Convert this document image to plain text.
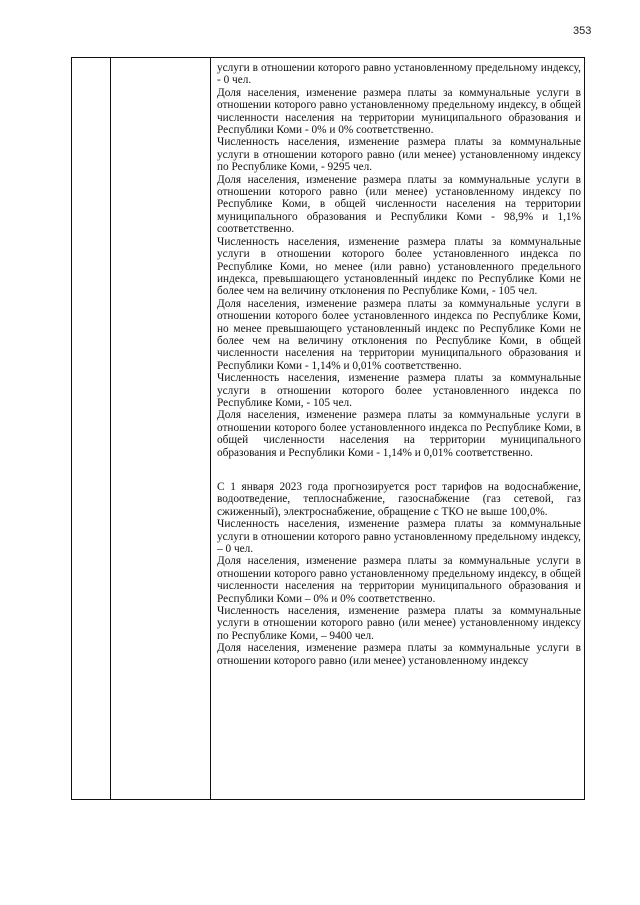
353

услуги в отношении которого равно установленному предельному индексу, - 0 чел.

Доля населения, изменение размера платы за коммунальные услуги в отношении которого равно установленному предельному индексу, в общей численности населения на территории муниципального образования и Республики Коми - 0% и 0% соответственно.

Численность населения, изменение размера платы за коммунальные услуги в отношении которого равно (или менее) установленному индексу по Республике Коми, - 9295 чел.

Доля населения, изменение размера платы за коммунальные услуги в отношении которого равно (или менее) установленному индексу по Республике Коми, в общей численности населения на территории муниципального образования и Республики Коми - 98,9% и 1,1% соответственно.

Численность населения, изменение размера платы за коммунальные услуги в отношении которого более установленного индекса по Республике Коми, но менее (или равно) установленного предельного индекса, превышающего установленный индекс по Республике Коми не более чем на величину отклонения по Республике Коми, - 105 чел.

Доля населения, изменение размера платы за коммунальные услуги в отношении которого более установленного индекса по Республике Коми, но менее превышающего установленный индекс по Республике Коми не более чем на величину отклонения по Республике Коми, в общей численности населения на территории муниципального образования и Республики Коми - 1,14% и 0,01% соответственно.

Численность населения, изменение размера платы за коммунальные услуги в отношении которого более установленного индекса по Республике Коми, - 105 чел.

Доля населения, изменение размера платы за коммунальные услуги в отношении которого более установленного индекса по Республике Коми, в общей численности населения на территории муниципального образования и Республики Коми - 1,14% и 0,01% соответственно.

С 1 января 2023 года прогнозируется рост тарифов на водоснабжение, водоотведение, теплоснабжение, газоснабжение (газ сетевой, газ сжиженный), электроснабжение, обращение с ТКО не выше 100,0%.

Численность населения, изменение размера платы за коммунальные услуги в отношении которого равно установленному предельному индексу, – 0 чел.

Доля населения, изменение размера платы за коммунальные услуги в отношении которого равно установленному предельному индексу, в общей численности населения на территории муниципального образования и Республики Коми – 0% и 0% соответственно.

Численность населения, изменение размера платы за коммунальные услуги в отношении которого равно (или менее) установленному индексу по Республике Коми, – 9400 чел.

Доля населения, изменение размера платы за коммунальные услуги в отношении которого равно (или менее) установленному индексу
